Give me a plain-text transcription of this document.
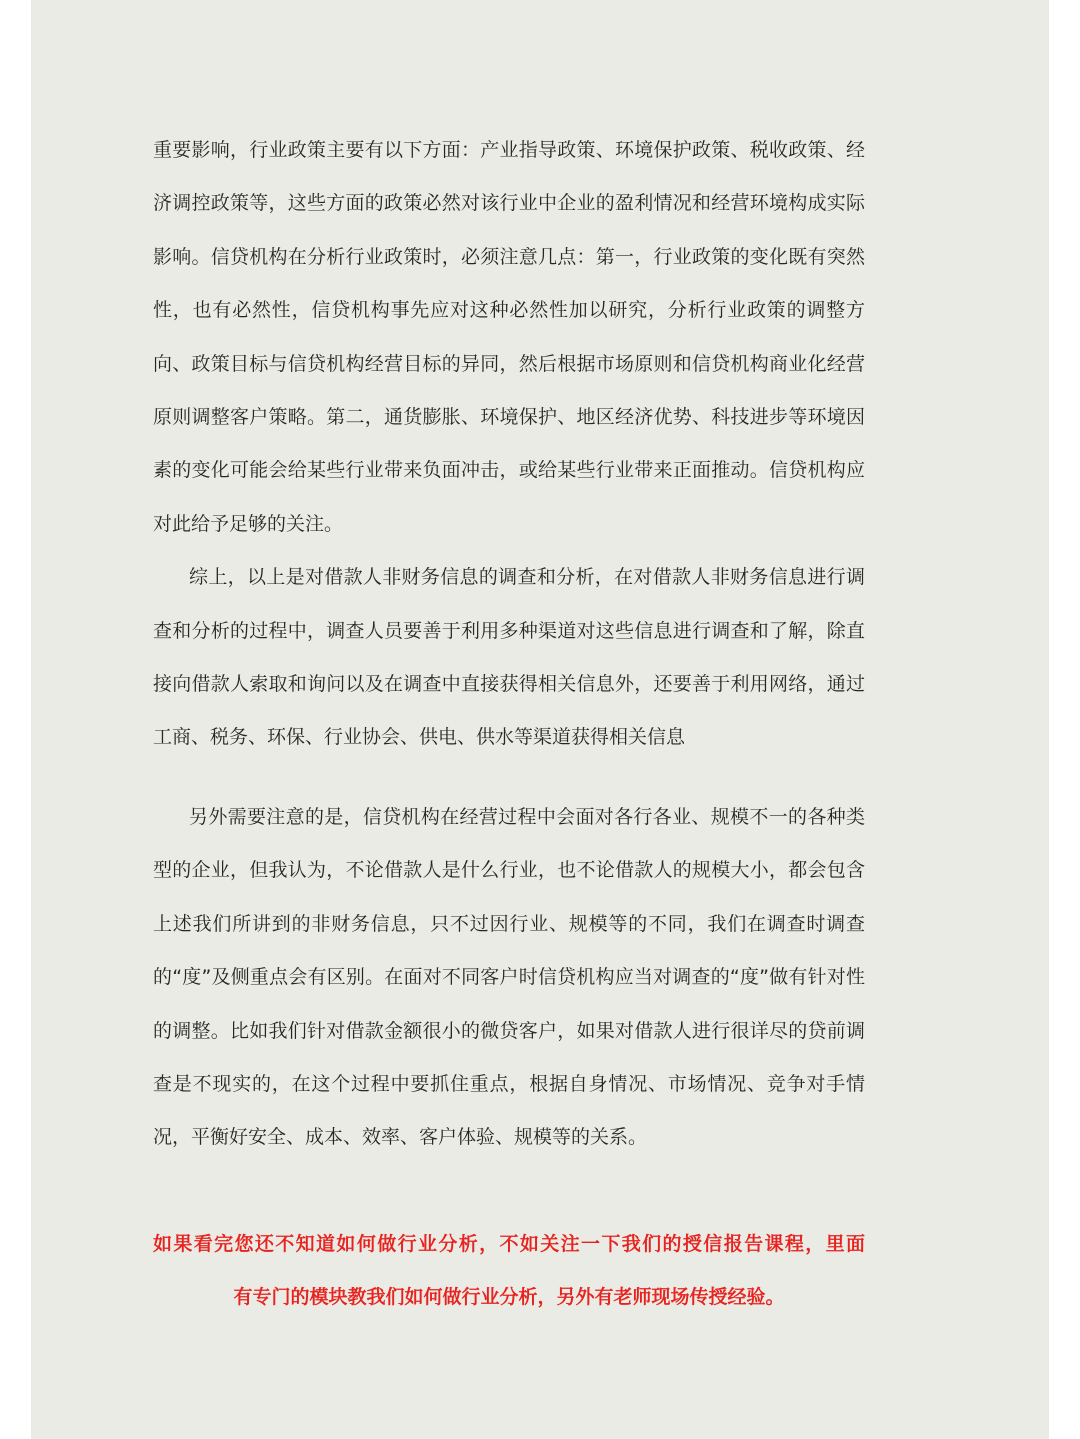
重要影响，行业政策主要有以下方面：产业指导政策、环境保护政策、税收政策、经济调控政策等，这些方面的政策必然对该行业中企业的盈利情况和经营环境构成实际影响。信贷机构在分析行业政策时，必须注意几点：第一，行业政策的变化既有突然性，也有必然性，信贷机构事先应对这种必然性加以研究，分析行业政策的调整方向、政策目标与信贷机构经营目标的异同，然后根据市场原则和信贷机构商业化经营原则调整客户策略。第二，通货膨胀、环境保护、地区经济优势、科技进步等环境因素的变化可能会给某些行业带来负面冲击，或给某些行业带来正面推动。信贷机构应对此给予足够的关注。

综上，以上是对借款人非财务信息的调查和分析，在对借款人非财务信息进行调查和分析的过程中，调查人员要善于利用多种渠道对这些信息进行调查和了解，除直接向借款人索取和询问以及在调查中直接获得相关信息外，还要善于利用网络，通过工商、税务、环保、行业协会、供电、供水等渠道获得相关信息

另外需要注意的是，信贷机构在经营过程中会面对各行各业、规模不一的各种类型的企业，但我认为，不论借款人是什么行业，也不论借款人的规模大小，都会包含上述我们所讲到的非财务信息，只不过因行业、规模等的不同，我们在调查时调查的“度”及侧重点会有区别。在面对不同客户时信贷机构应当对调查的“度”做有针对性的调整。比如我们针对借款金额很小的微贷客户，如果对借款人进行很详尽的贷前调查是不现实的，在这个过程中要抓住重点，根据自身情况、市场情况、竞争对手情况，平衡好安全、成本、效率、客户体验、规模等的关系。

如果看完您还不知道如何做行业分析，不如关注一下我们的授信报告课程，里面
有专门的模块教我们如何做行业分析，另外有老师现场传授经验。
